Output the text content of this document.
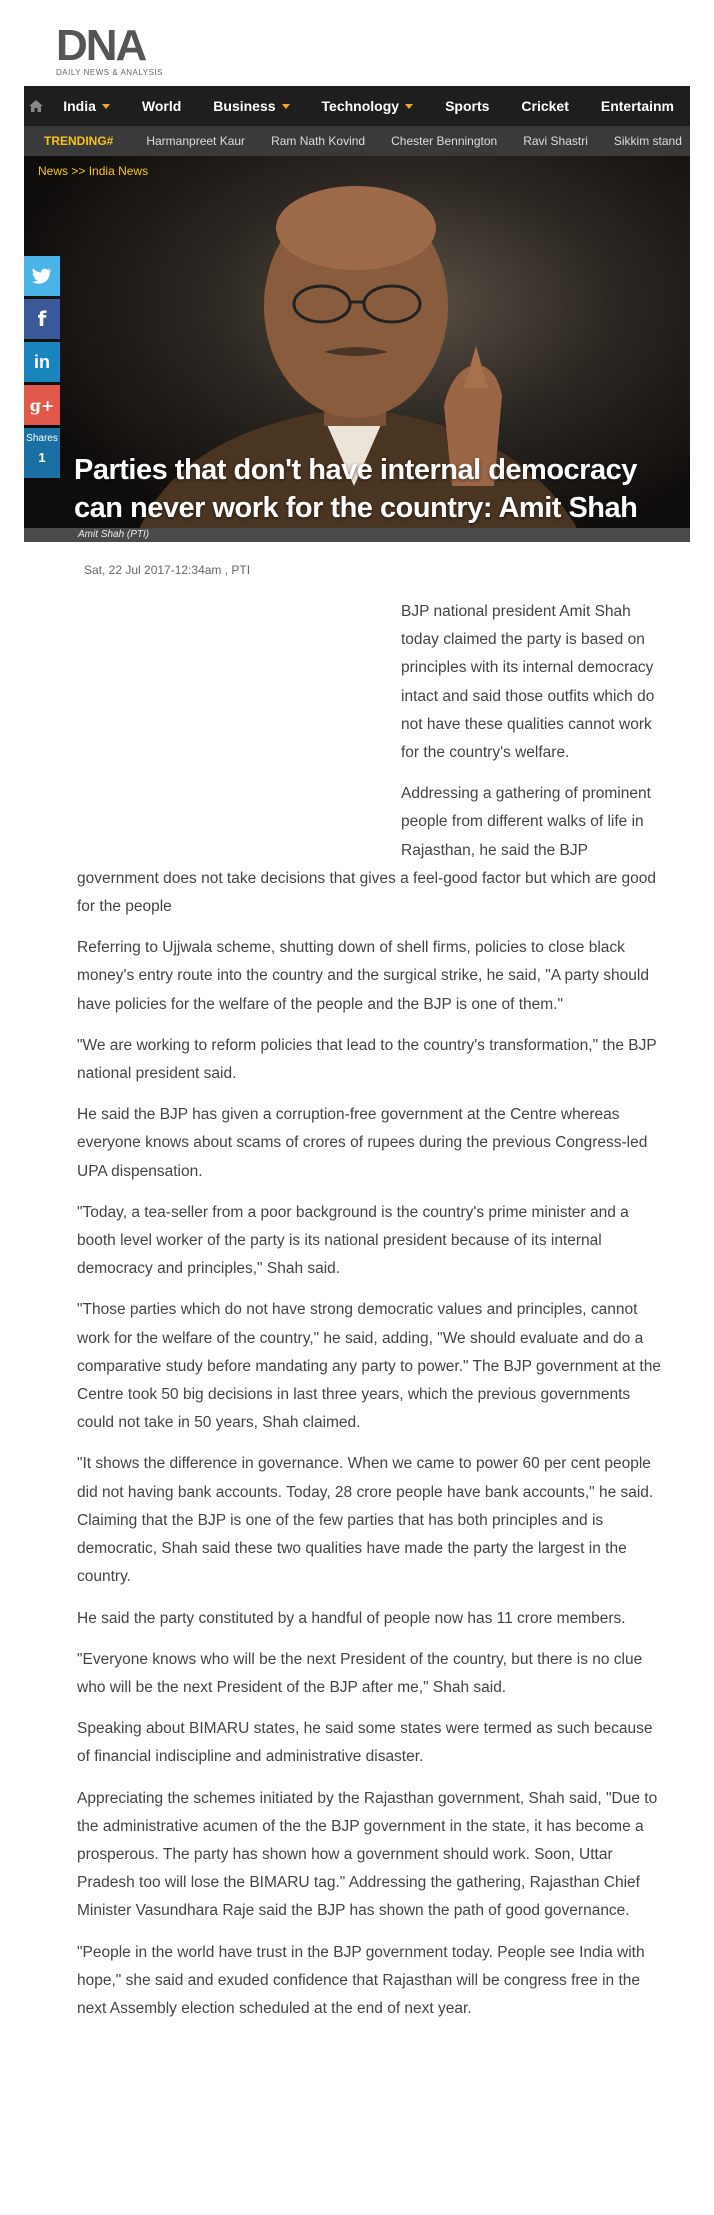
DNA
DAILY NEWS & ANALYSIS
India	World Business	Technology	Sports Cricket Entertainm
TRENDING#	Harmanpreet Kaur	Ram Nath Kovind	Chester Bennington	Ravi Shastri	Sikkim stand
News >> India News
Parties that don't have internal democracy can never work for the country: Amit Shah
Amit Shah (PTI)
f
in
g+
Shares
1
Sat, 22 Jul 2017-12:34am , PTI

BJP national president Amit Shah today claimed the party is based on principles with its internal democracy intact and said those outfits which do not have these qualities cannot work for the country's welfare.

Addressing a gathering of prominent people from different walks of life in Rajasthan, he said the BJP government does not take decisions that gives a feel-good factor but which are good for the people

Referring to Ujjwala scheme, shutting down of shell firms, policies to close black money's entry route into the country and the surgical strike, he said, "A party should have policies for the welfare of the people and the BJP is one of them."

"We are working to reform policies that lead to the country's transformation," the BJP national president said.

He said the BJP has given a corruption-free government at the Centre whereas everyone knows about scams of crores of rupees during the previous Congress-led UPA dispensation.

"Today, a tea-seller from a poor background is the country's prime minister and a booth level worker of the party is its national president because of its internal democracy and principles," Shah said.

"Those parties which do not have strong democratic values and principles, cannot work for the welfare of the country," he said, adding, "We should evaluate and do a comparative study before mandating any party to power." The BJP government at the Centre took 50 big decisions in last three years, which the previous governments could not take in 50 years, Shah claimed.

"It shows the difference in governance. When we came to power 60 per cent people did not having bank accounts. Today, 28 crore people have bank accounts," he said. Claiming that the BJP is one of the few parties that has both principles and is democratic, Shah said these two qualities have made the party the largest in the country.

He said the party constituted by a handful of people now has 11 crore members.

"Everyone knows who will be the next President of the country, but there is no clue who will be the next President of the BJP after me," Shah said.

Speaking about BIMARU states, he said some states were termed as such because of financial indiscipline and administrative disaster.

Appreciating the schemes initiated by the Rajasthan government, Shah said, "Due to the administrative acumen of the the BJP government in the state, it has become a prosperous. The party has shown how a government should work. Soon, Uttar Pradesh too will lose the BIMARU tag." Addressing the gathering, Rajasthan Chief Minister Vasundhara Raje said the BJP has shown the path of good governance.

"People in the world have trust in the BJP government today. People see India with hope," she said and exuded confidence that Rajasthan will be congress free in the next Assembly election scheduled at the end of next year.
